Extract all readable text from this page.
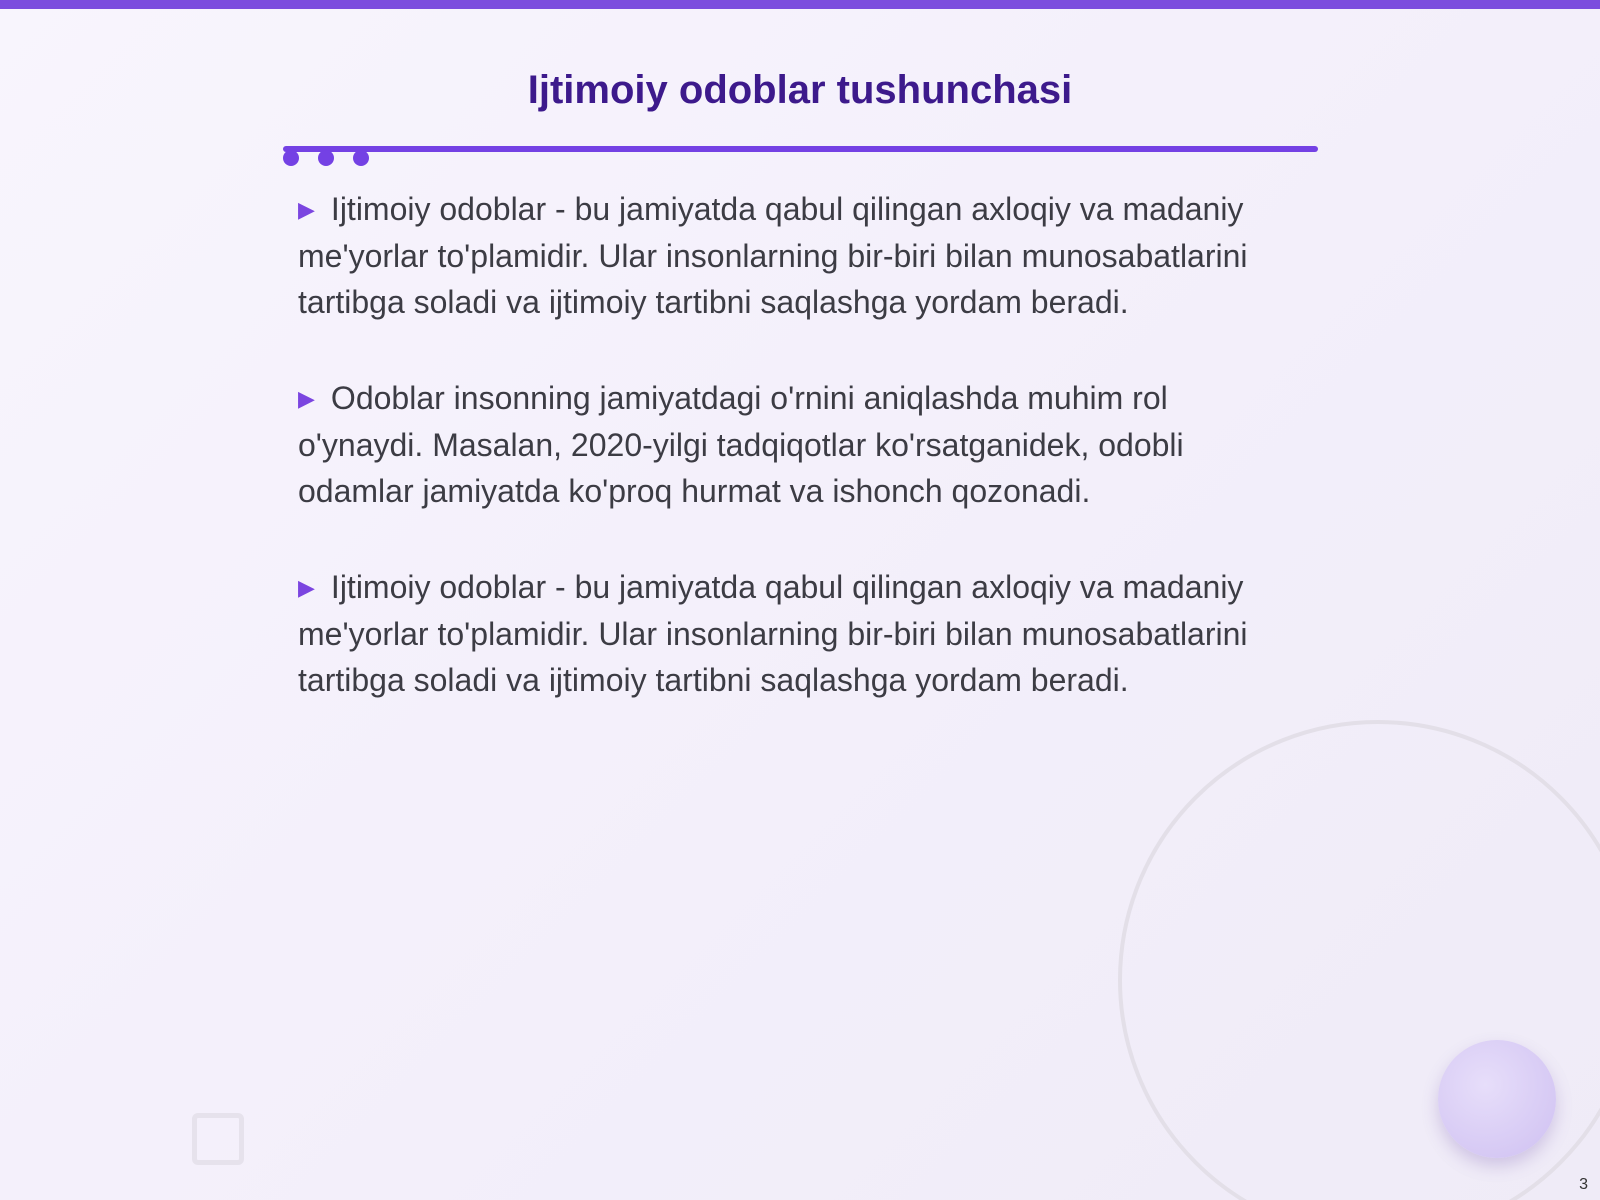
Ijtimoiy odoblar tushunchasi

▶ Ijtimoiy odoblar - bu jamiyatda qabul qilingan axloqiy va madaniy me'yorlar to'plamidir. Ular insonlarning bir-biri bilan munosabatlarini tartibga soladi va ijtimoiy tartibni saqlashga yordam beradi.

▶ Odoblar insonning jamiyatdagi o'rnini aniqlashda muhim rol o'ynaydi. Masalan, 2020-yilgi tadqiqotlar ko'rsatganidek, odobli odamlar jamiyatda ko'proq hurmat va ishonch qozonadi.

▶ Ijtimoiy odoblar - bu jamiyatda qabul qilingan axloqiy va madaniy me'yorlar to'plamidir. Ular insonlarning bir-biri bilan munosabatlarini tartibga soladi va ijtimoiy tartibni saqlashga yordam beradi.

3
